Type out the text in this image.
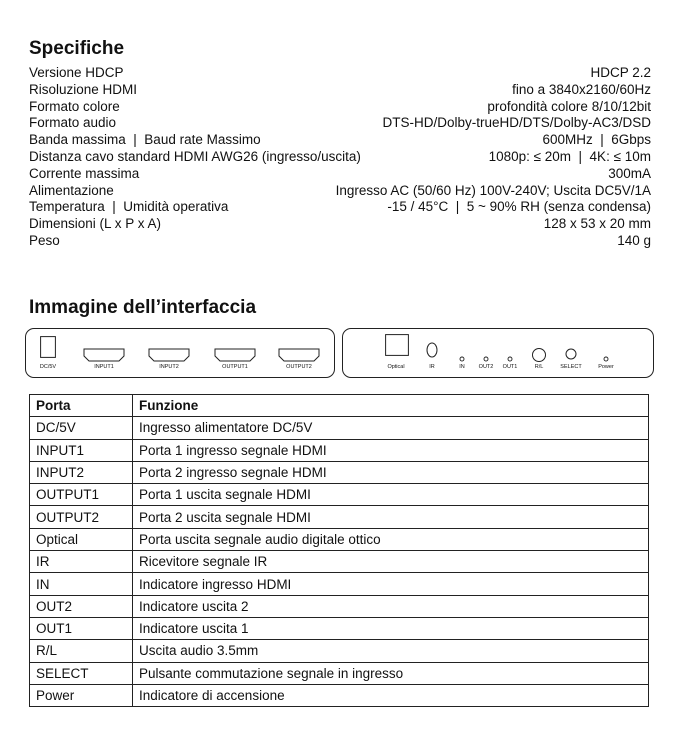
Specifiche
Versione HDCP	HDCP 2.2
Risoluzione HDMI	fino a 3840x2160/60Hz
Formato colore	profondità colore 8/10/12bit
Formato audio	DTS-HD/Dolby-trueHD/DTS/Dolby-AC3/DSD
Banda massima  |  Baud rate Massimo	600MHz  |  6Gbps
Distanza cavo standard HDMI AWG26 (ingresso/uscita)	1080p: ≤ 20m  |  4K: ≤ 10m
Corrente massima	300mA
Alimentazione	Ingresso AC (50/60 Hz) 100V-240V; Uscita DC5V/1A
Temperatura  |  Umidità operativa	-15 / 45°C  |  5 ~ 90% RH (senza condensa)
Dimensioni (L x P x A)	128 x 53 x 20 mm
Peso	140 g
Immagine dell’interfaccia
DC/5V	INPUT1	INPUT2	OUTPUT1	OUTPUT2	Optical	IR	IN	OUT2 OUT1	R/L	SELECT	Power
Porta	Funzione
DC/5V	Ingresso alimentatore DC/5V
INPUT1	Porta 1 ingresso segnale HDMI
INPUT2	Porta 2 ingresso segnale HDMI
OUTPUT1	Porta 1 uscita segnale HDMI
OUTPUT2	Porta 2 uscita segnale HDMI
Optical	Porta uscita segnale audio digitale ottico
IR	Ricevitore segnale IR
IN	Indicatore ingresso HDMI
OUT2	Indicatore uscita 2
OUT1	Indicatore uscita 1
R/L	Uscita audio 3.5mm
SELECT	Pulsante commutazione segnale in ingresso
Power	Indicatore di accensione
